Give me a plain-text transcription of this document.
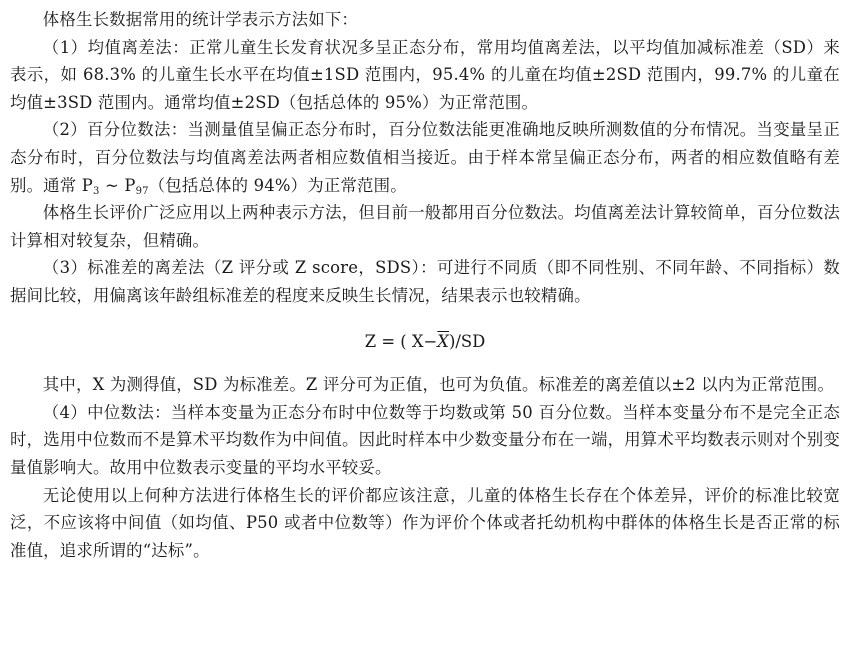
体格生长数据常用的统计学表示方法如下：

（1）均值离差法：正常儿童生长发育状况多呈正态分布，常用均值离差法，以平均值加减标准差（SD）来表示，如 68.3% 的儿童生长水平在均值±1SD 范围内，95.4% 的儿童在均值±2SD 范围内，99.7% 的儿童在均值±3SD 范围内。通常均值±2SD（包括总体的 95%）为正常范围。

（2）百分位数法：当测量值呈偏正态分布时，百分位数法能更准确地反映所测数值的分布情况。当变量呈正态分布时，百分位数法与均值离差法两者相应数值相当接近。由于样本常呈偏正态分布，两者的相应数值略有差别。通常 $P_3$ ~ $P_{97}$（包括总体的 94%）为正常范围。

体格生长评价广泛应用以上两种表示方法，但目前一般都用百分位数法。均值离差法计算较简单，百分位数法计算相对较复杂，但精确。

（3）标准差的离差法（Z 评分或 Z score，SDS）：可进行不同质（即不同性别、不同年龄、不同指标）数据间比较，用偏离该年龄组标准差的程度来反映生长情况，结果表示也较精确。

Z = ( $X-\overline{X})/SD$

其中，X 为测得值，SD 为标准差。Z 评分可为正值，也可为负值。标准差的离差值以±2 以内为正常范围。

（4）中位数法：当样本变量为正态分布时中位数等于均数或第 50 百分位数。当样本变量分布不是完全正态时，选用中位数而不是算术平均数作为中间值。因此时样本中少数变量分布在一端，用算术平均数表示则对个别变量值影响大。故用中位数表示变量的平均水平较妥。

无论使用以上何种方法进行体格生长的评价都应该注意，儿童的体格生长存在个体差异，评价的标准比较宽泛，不应该将中间值（如均值、P50 或者中位数等）作为评价个体或者托幼机构中群体的体格生长是否正常的标准值，追求所谓的“达标”。
